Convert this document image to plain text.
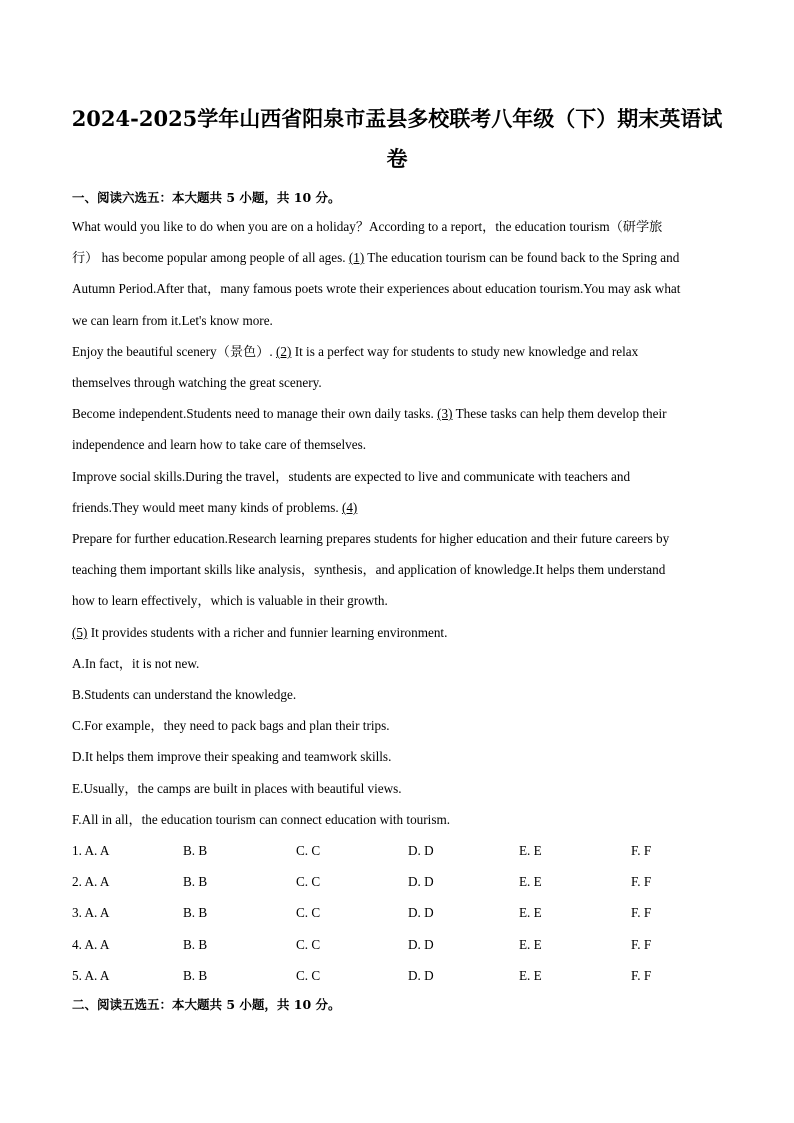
2024-2025学年山西省阳泉市盂县多校联考八年级（下）期末英语试
卷
一、阅读六选五：本大题共 5 小题，共 10 分。
What would you like to do when you are on a holiday？According to a report，the education tourism（研学旅
行） has become popular among people of all ages. (1) The education tourism can be found back to the Spring and
Autumn Period.After that，many famous poets wrote their experiences about education tourism.You may ask what
we can learn from it.Let's know more.
Enjoy the beautiful scenery（景色）. (2) It is a perfect way for students to study new knowledge and relax
themselves through watching the great scenery.
Become independent.Students need to manage their own daily tasks. (3) These tasks can help them develop their
independence and learn how to take care of themselves.
Improve social skills.During the travel，students are expected to live and communicate with teachers and
friends.They would meet many kinds of problems. (4)
Prepare for further education.Research learning prepares students for higher education and their future careers by
teaching them important skills like analysis，synthesis，and application of knowledge.It helps them understand
how to learn effectively，which is valuable in their growth.
(5) It provides students with a richer and funnier learning environment.
A.In fact，it is not new.
B.Students can understand the knowledge.
C.For example，they need to pack bags and plan their trips.
D.It helps them improve their speaking and teamwork skills.
E.Usually，the camps are built in places with beautiful views.
F.All in all，the education tourism can connect education with tourism.
1. A. A	B. B	C. C	D. D	E. E	F. F
2. A. A	B. B	C. C	D. D	E. E	F. F
3. A. A	B. B	C. C	D. D	E. E	F. F
4. A. A	B. B	C. C	D. D	E. E	F. F
5. A. A	B. B	C. C	D. D	E. E	F. F
二、阅读五选五：本大题共 5 小题，共 10 分。
